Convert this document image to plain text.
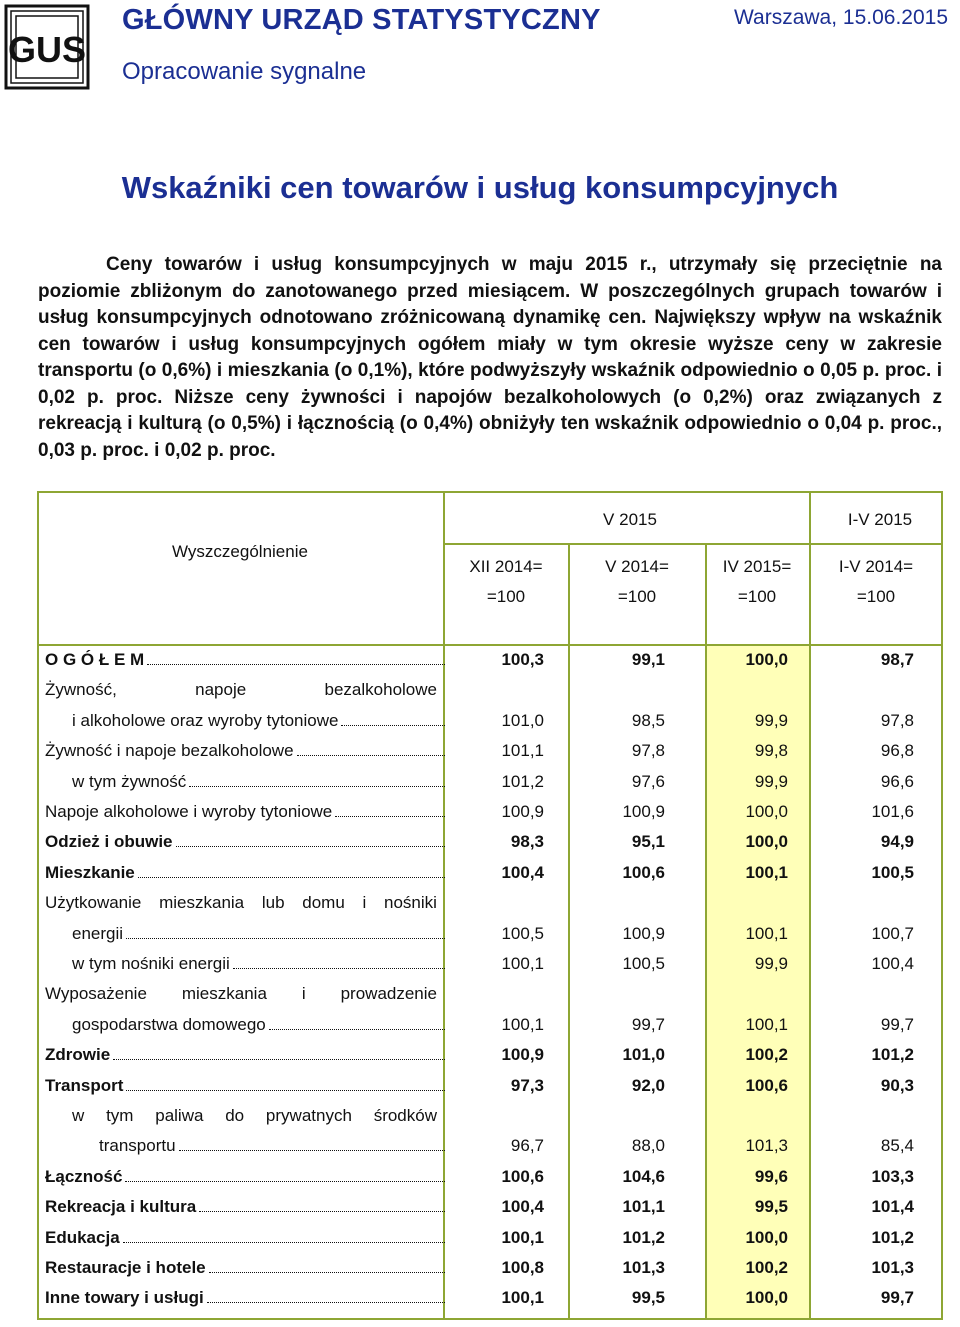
GUS
GŁÓWNY URZĄD STATYSTYCZNY
Opracowanie sygnalne
Warszawa, 15.06.2015
Wskaźniki cen towarów i usług konsumpcyjnych

Ceny towarów i usług konsumpcyjnych w maju 2015 r., utrzymały się przeciętnie na poziomie zbliżonym do zanotowanego przed miesiącem. W poszczególnych grupach towarów i usług konsumpcyjnych odnotowano zróżnicowaną dynamikę cen. Największy wpływ na wskaźnik cen towarów i usług konsumpcyjnych ogółem miały w tym okresie wyższe ceny w zakresie transportu (o 0,6%) i mieszkania (o 0,1%), które podwyższyły wskaźnik odpowiednio o 0,05 p. proc. i 0,02 p. proc. Niższe ceny żywności i napojów bezalkoholowych (o 0,2%) oraz związanych z rekreacją i kulturą (o 0,5%) i łącznością (o 0,4%) obniżyły ten wskaźnik odpowiednio o 0,04 p. proc., 0,03 p. proc. i 0,02 p. proc.

Wyszczególnienie
V 2015	I-V 2015
XII 2014=
=100
V 2014=
=100
IV 2015=
=100
I-V 2014=
=100
O G Ó Ł E M	100,3	99,1	100,0	98,7
Żywność,	napoje	bezalkoholowe
i alkoholowe oraz wyroby tytoniowe	101,0	98,5	99,9	97,8
Żywność i napoje bezalkoholowe	101,1	97,8	99,8	96,8
w tym żywność	101,2	97,6	99,9	96,6
Napoje alkoholowe i wyroby tytoniowe	100,9	100,9	100,0	101,6
Odzież i obuwie	98,3	95,1	100,0	94,9
Mieszkanie	100,4	100,6	100,1	100,5
Użytkowanie mieszkania lub domu i nośniki
energii	100,5	100,9	100,1	100,7
w tym nośniki energii	100,1	100,5	99,9	100,4
Wyposażenie mieszkania i prowadzenie
gospodarstwa domowego	100,1	99,7	100,1	99,7
Zdrowie	100,9	101,0	100,2	101,2
Transport	97,3	92,0	100,6	90,3
w tym paliwa do prywatnych środków
transportu	96,7	88,0	101,3	85,4
Łączność	100,6	104,6	99,6	103,3
Rekreacja i kultura	100,4	101,1	99,5	101,4
Edukacja	100,1	101,2	100,0	101,2
Restauracje i hotele	100,8	101,3	100,2	101,3
Inne towary i usługi	100,1	99,5	100,0	99,7
